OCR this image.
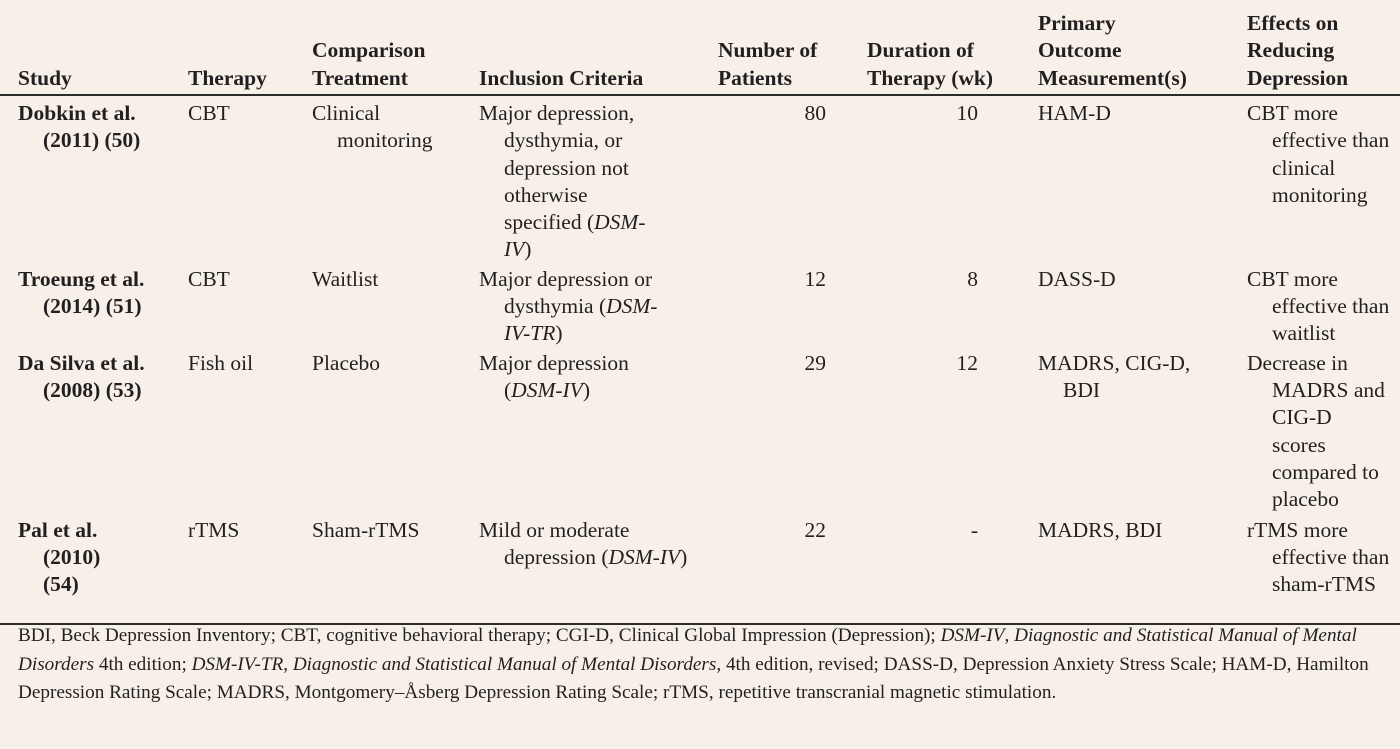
Study	Therapy	Comparison Treatment	Inclusion Criteria	Number of Patients	Duration of Therapy (wk)	Primary Outcome Measurement(s)	Effects on Reducing Depression

Dobkin et al. (2011) (50)	CBT	Clinical monitoring	Major depression, dysthymia, or depression not otherwise specified (DSM-IV)	80	10	HAM-D	CBT more effective than clinical monitoring

Troeung et al. (2014) (51)	CBT	Waitlist	Major depression or dysthymia (DSM-IV-TR)	12	8	DASS-D	CBT more effective than waitlist

Da Silva et al. (2008) (53)	Fish oil	Placebo	Major depression (DSM-IV)	29	12	MADRS, CIG-D, BDI	Decrease in MADRS and CIG-D scores compared to placebo

Pal et al. (2010) (54)	rTMS	Sham-rTMS	Mild or moderate depression (DSM-IV)	22	-	MADRS, BDI	rTMS more effective than sham-rTMS
BDI, Beck Depression Inventory; CBT, cognitive behavioral therapy; CGI-D, Clinical Global Impression (Depression); DSM-IV, Diagnostic and Statistical Manual of Mental Disorders 4th edition; DSM-IV-TR, Diagnostic and Statistical Manual of Mental Disorders, 4th edition, revised; DASS-D, Depression Anxiety Stress Scale; HAM-D, Hamilton Depression Rating Scale; MADRS, Montgomery–Åsberg Depression Rating Scale; rTMS, repetitive transcranial magnetic stimulation.
